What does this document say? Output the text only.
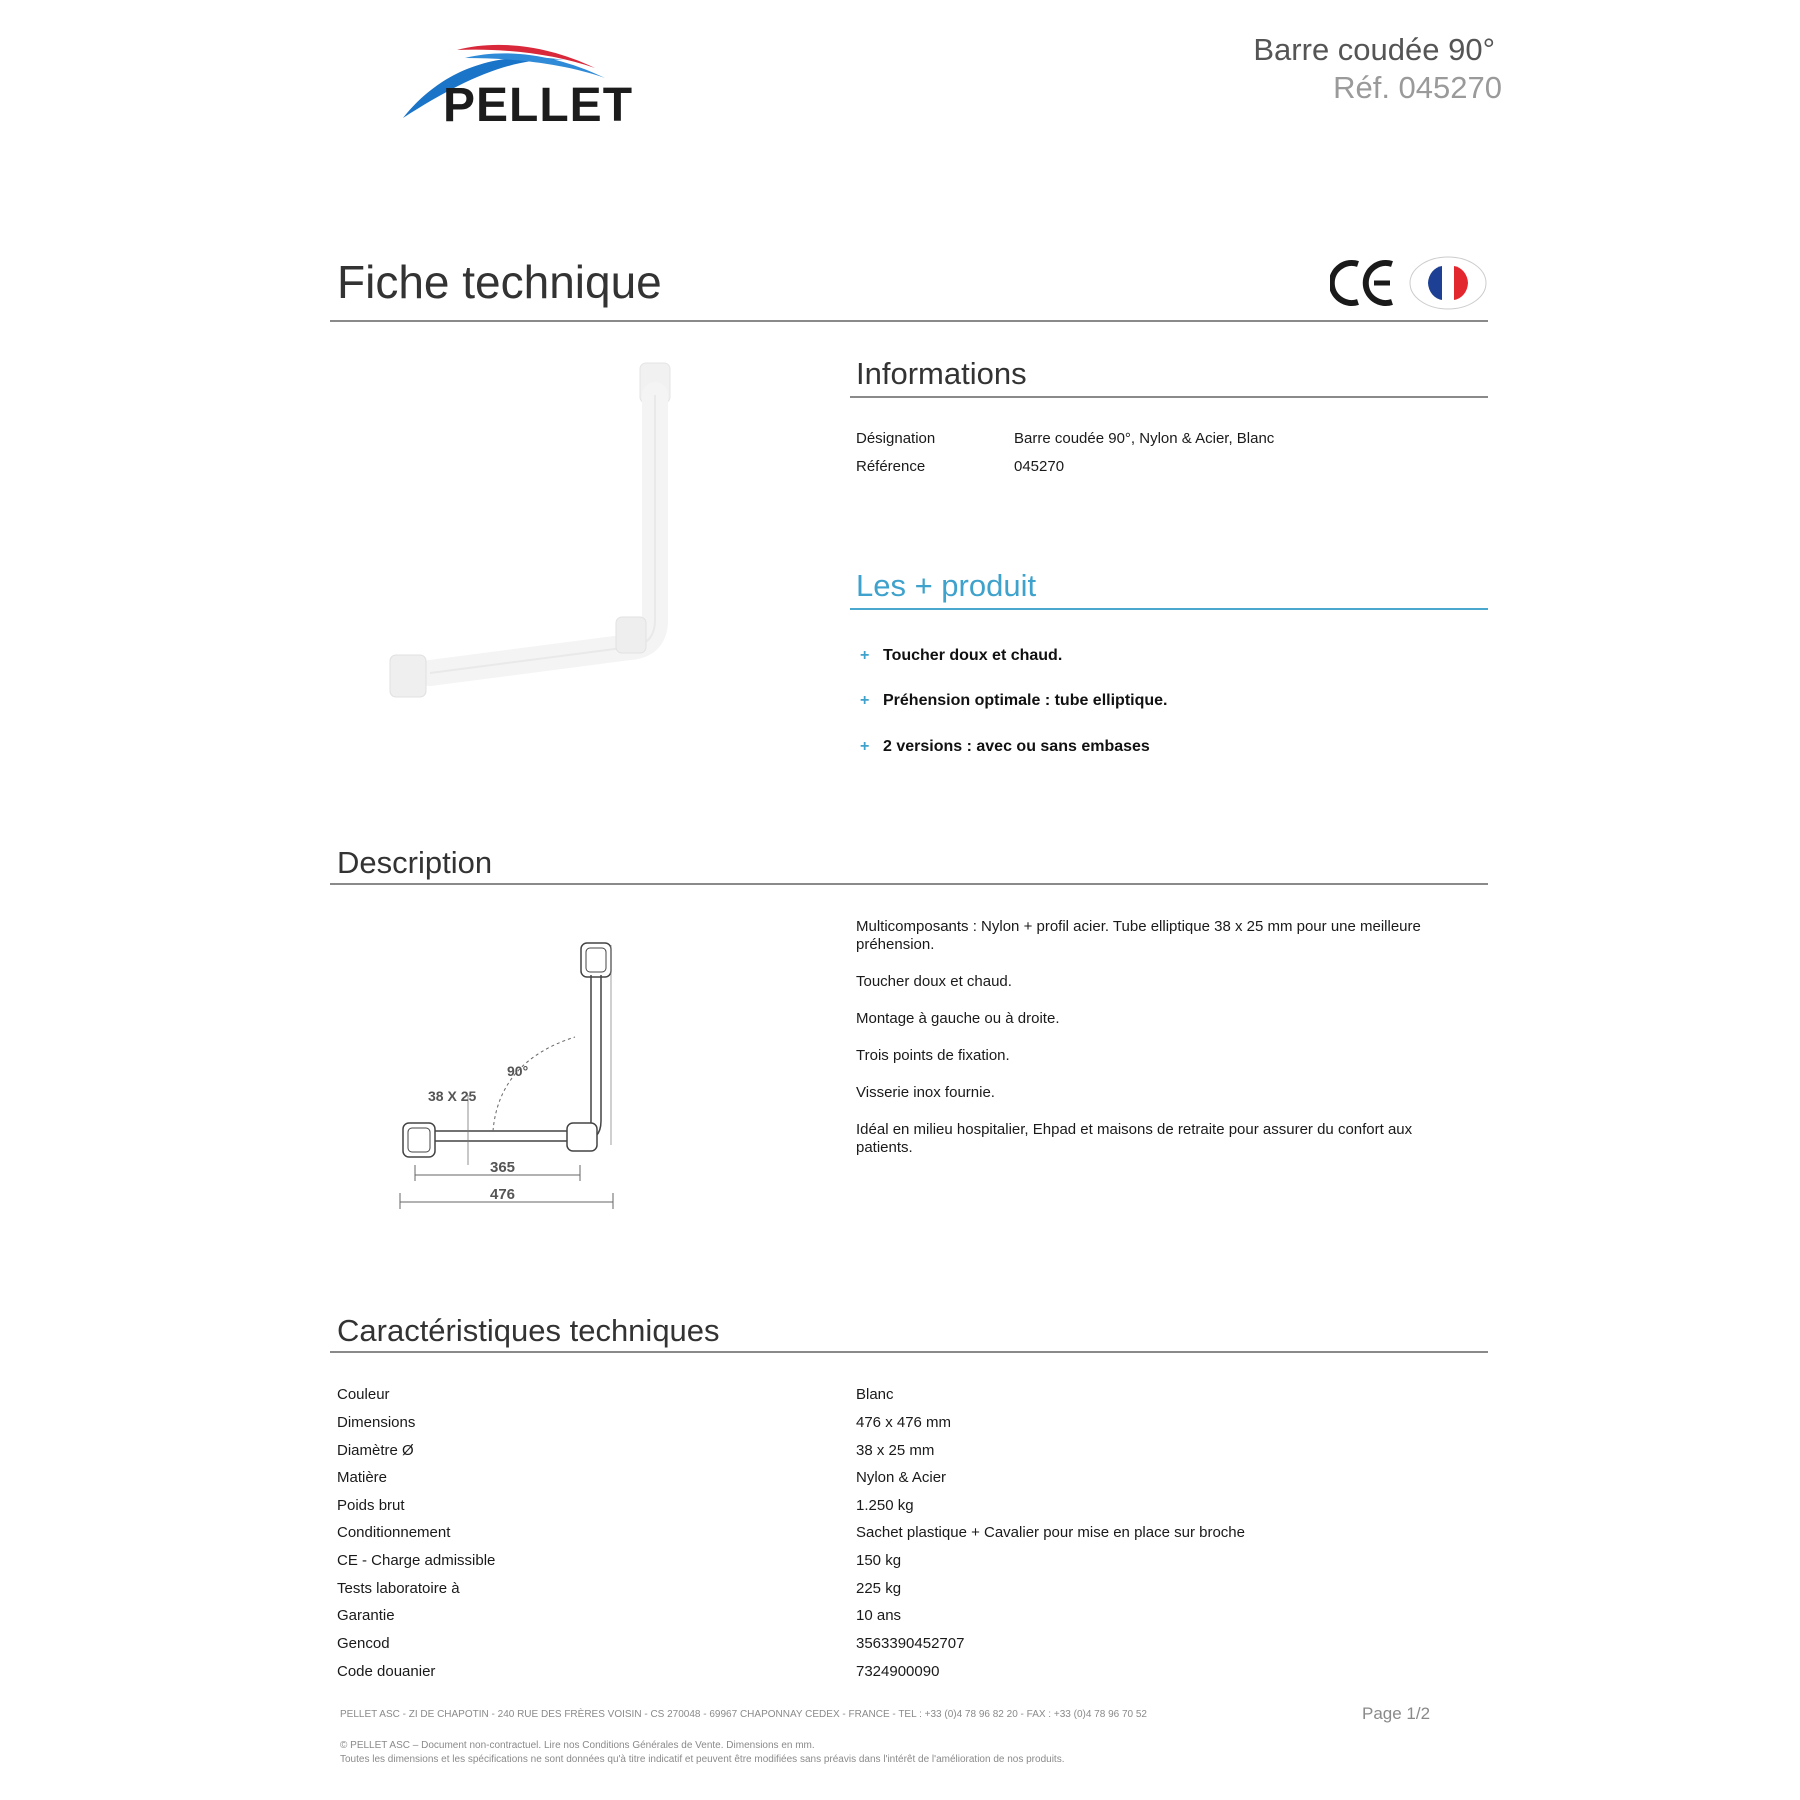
PELLET
Barre coudée 90°
Réf. 045270
Fiche technique
Informations
Désignation	Barre coudée 90°, Nylon & Acier, Blanc
Référence	045270
Les + produit
+ Toucher doux et chaud.
+ Préhension optimale : tube elliptique.
+ 2 versions : avec ou sans embases
Description
38 X 25
90°
365
476

Multicomposants : Nylon + profil acier. Tube elliptique 38 x 25 mm pour une meilleure préhension.

Toucher doux et chaud.

Montage à gauche ou à droite.

Trois points de fixation.

Visserie inox fournie.

Idéal en milieu hospitalier, Ehpad et maisons de retraite pour assurer du confort aux patients.

Caractéristiques techniques
Couleur	Blanc
Dimensions	476 x 476 mm
Diamètre Ø	38 x 25 mm
Matière	Nylon & Acier
Poids brut	1.250 kg
Conditionnement	Sachet plastique + Cavalier pour mise en place sur broche
CE - Charge admissible	150 kg
Tests laboratoire à	225 kg
Garantie	10 ans
Gencod	3563390452707
Code douanier	7324900090
PELLET ASC - ZI DE CHAPOTIN - 240 RUE DES FRÈRES VOISIN - CS 270048 - 69967 CHAPONNAY CEDEX - FRANCE - TEL : +33 (0)4 78 96 82 20 - FAX : +33 (0)4 78 96 70 52	Page 1/2
© PELLET ASC – Document non-contractuel. Lire nos Conditions Générales de Vente. Dimensions en mm.
Toutes les dimensions et les spécifications ne sont données qu'à titre indicatif et peuvent être modifiées sans préavis dans l'intérêt de l'amélioration de nos produits.
